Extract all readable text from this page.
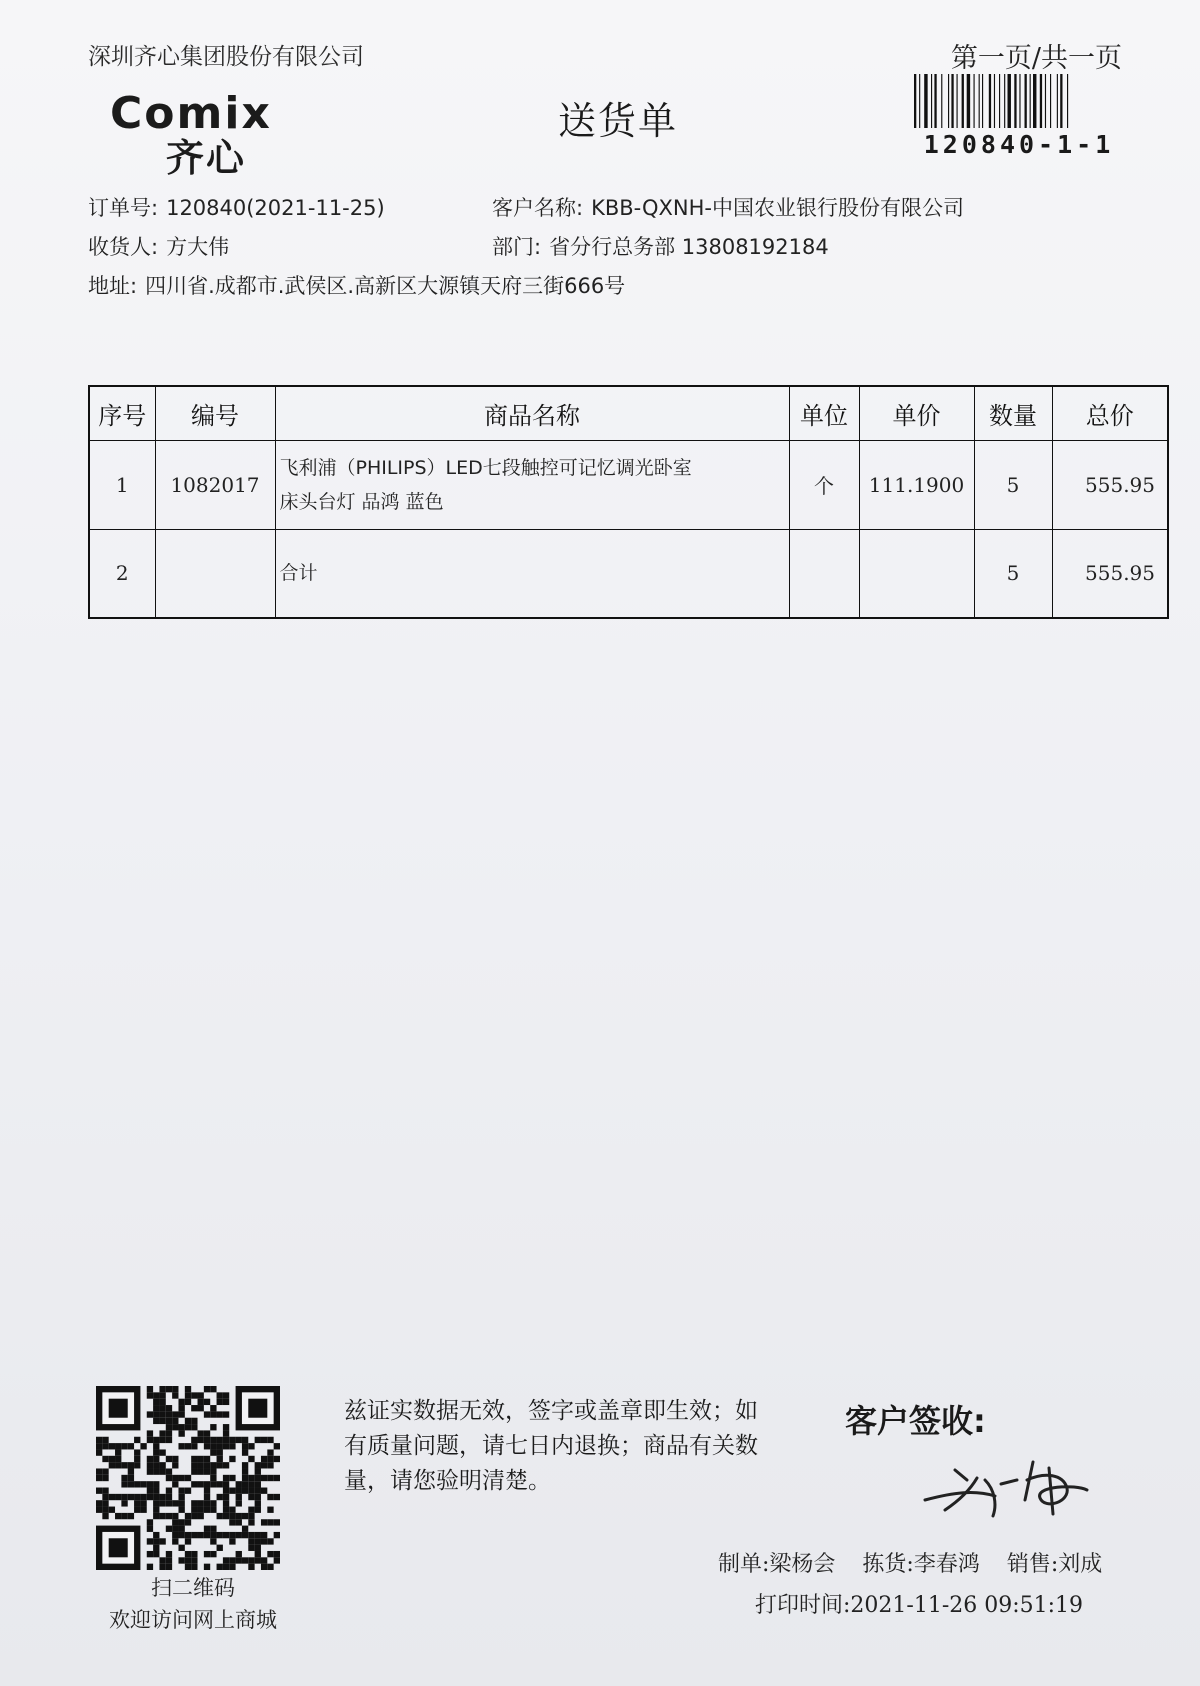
深圳齐心集团股份有限公司	第一页/共一页
Comix
齐心
送货单
120840-1-1
订单号: 120840(2021-11-25)	客户名称: KBB-QXNH-中国农业银行股份有限公司
收货人: 方大伟	部门: 省分行总务部 13808192184
地址: 四川省.成都市.武侯区.高新区大源镇天府三街666号
序号	编号	商品名称	单位	单价	数量	总价
1	1082017	飞利浦（PHILIPS）LED七段触控可记忆调光卧室
床头台灯 品鸿 蓝色	个	111.1900	5	555.95
2		合计			5	555.95
扫二维码
欢迎访问网上商城
兹证实数据无效，签字或盖章即生效；如有质量问题，请七日内退换；商品有关数量，请您验明清楚。
客户签收:
制单:梁杨会 拣货:李春鸿 销售:刘成
打印时间:2021-11-26 09:51:19
